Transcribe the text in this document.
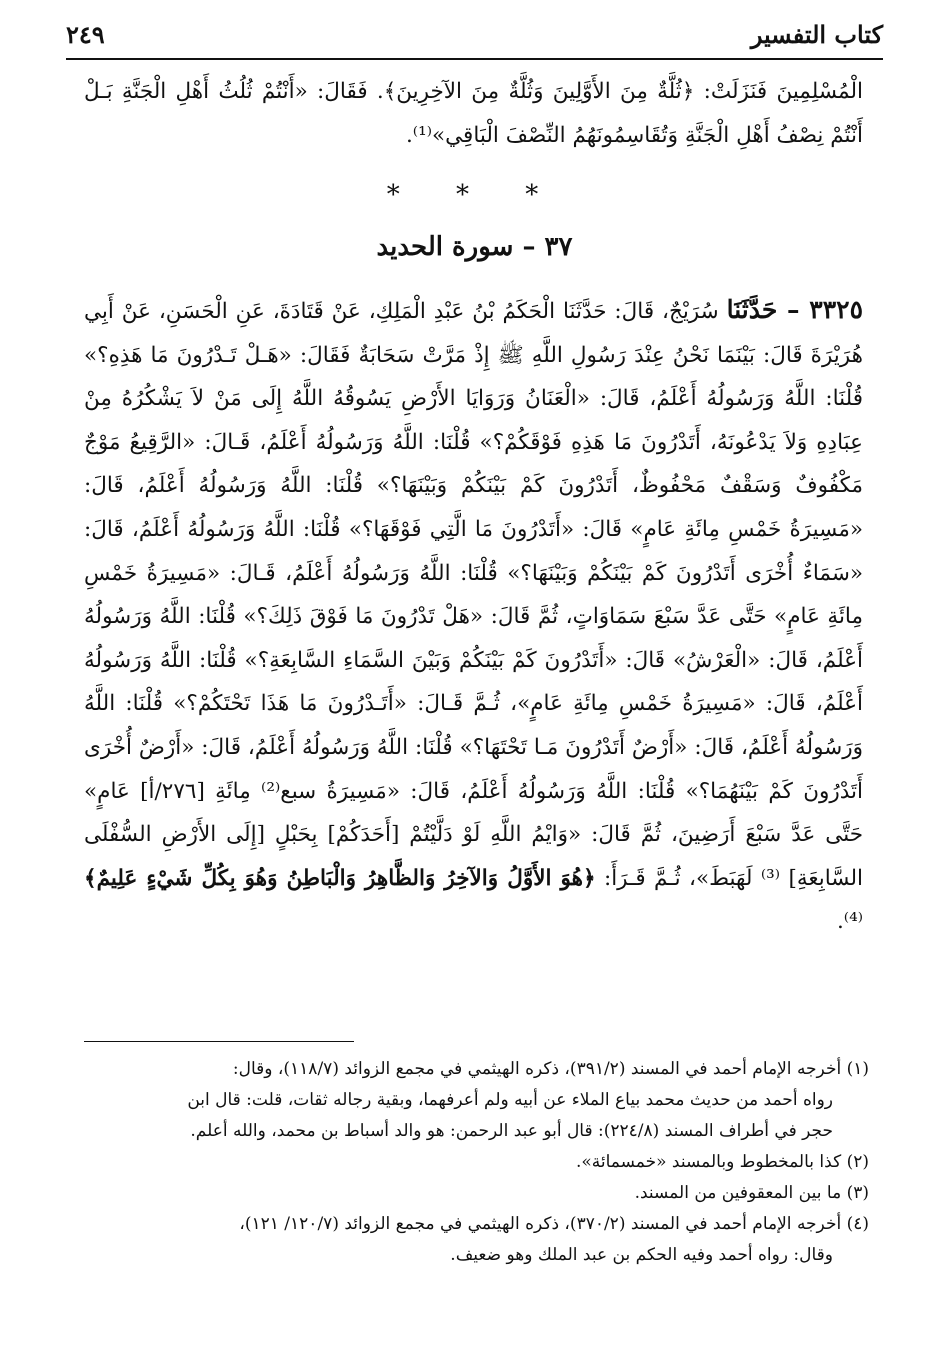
كتاب التفسير
٢٤٩

الْمُسْلِمِينَ فَنَزَلَتْ: ﴿ثُلَّةٌ مِنَ الأَوَّلِينَ وَثُلَّةٌ مِنَ الآخِرِينَ﴾. فَقَالَ: «أَنْتُمْ ثُلُثُ أَهْلِ الْجَنَّةِ بَـلْ أَنْتُمْ نِصْفُ أَهْلِ الْجَنَّةِ وَتُقَاسِمُونَهُمُ النِّصْفَ الْبَاقِي»⁽¹⁾.

* * *
٣٧ – سورة الحديد

٣٣٢٥ – حَدَّثَنَا سُرَيْجٌ، قَالَ: حَدَّثَنَا الْحَكَمُ بْنُ عَبْدِ الْمَلِكِ، عَنْ قَتَادَةَ، عَنِ الْحَسَنِ، عَنْ أَبِي هُرَيْرَةَ قَالَ: بَيْنَمَا نَحْنُ عِنْدَ رَسُولِ اللَّهِ ﷺ إِذْ مَرَّتْ سَحَابَةٌ فَقَالَ: «هَـلْ تَـدْرُونَ مَا هَذِهِ؟» قُلْنَا: اللَّهُ وَرَسُولُهُ أَعْلَمُ، قَالَ: «الْعَنَانُ وَرَوَايَا الأَرْضِ يَسُوقُهُ اللَّهُ إِلَى مَنْ لاَ يَشْكُرُهُ مِنْ عِبَادِهِ وَلاَ يَدْعُونَهُ، أَتَدْرُونَ مَا هَذِهِ فَوْقَكُمْ؟» قُلْنَا: اللَّهُ وَرَسُولُهُ أَعْلَمُ، قَـالَ: «الرَّقِيعُ مَوْجٌ مَكْفُوفٌ وَسَقْفٌ مَحْفُوظٌ، أَتَدْرُونَ كَمْ بَيْنَكُمْ وَبَيْنَهَا؟» قُلْنَا: اللَّهُ وَرَسُولُهُ أَعْلَمُ، قَالَ: «مَسِيرَةُ خَمْسِ مِائَةِ عَامٍ» قَالَ: «أَتَدْرُونَ مَا الَّتِي فَوْقَهَا؟» قُلْنَا: اللَّهُ وَرَسُولُهُ أَعْلَمُ، قَالَ: «سَمَاءٌ أُخْرَى أَتَدْرُونَ كَمْ بَيْنَكُمْ وَبَيْنَهَا؟» قُلْنَا: اللَّهُ وَرَسُولُهُ أَعْلَمُ، قَـالَ: «مَسِيرَةُ خَمْسِ مِائَةِ عَامٍ» حَتَّى عَدَّ سَبْعَ سَمَاوَاتٍ، ثُمَّ قَالَ: «هَلْ تَدْرُونَ مَا فَوْقَ ذَلِكَ؟» قُلْنَا: اللَّهُ وَرَسُولُهُ أَعْلَمُ، قَالَ: «الْعَرْشُ» قَالَ: «أَتَدْرُونَ كَمْ بَيْنَكُمْ وَبَيْنَ السَّمَاءِ السَّابِعَةِ؟» قُلْنَا: اللَّهُ وَرَسُولُهُ أَعْلَمُ، قَالَ: «مَسِيرَةُ خَمْسِ مِائَةِ عَامٍ»، ثُـمَّ قَـالَ: «أَتَـدْرُونَ مَا هَذَا تَحْتَكُمْ؟» قُلْنَا: اللَّهُ وَرَسُولُهُ أَعْلَمُ، قَالَ: «أَرْضٌ أَتَدْرُونَ مَـا تَحْتَهَا؟» قُلْنَا: اللَّهُ وَرَسُولُهُ أَعْلَمُ، قَالَ: «أَرْضٌ أُخْرَى أَتَدْرُونَ كَمْ بَيْنَهُمَا؟» قُلْنَا: اللَّهُ وَرَسُولُهُ أَعْلَمُ، قَالَ: «مَسِيرَةُ سبع⁽²⁾ مِائَةِ [٢٧٦/أ] عَامٍ» حَتَّى عَدَّ سَبْعَ أَرَضِينَ، ثُمَّ قَالَ: «وَايْمُ اللَّهِ لَوْ دَلَّيْتُمْ [أَحَدَكُمْ] بِحَبْلٍ [إِلَى الأَرْضِ السُّفْلَى السَّابِعَةِ] ⁽³⁾ لَهَبَطَ»، ثُـمَّ قَـرَأَ: ﴿هُوَ الأَوَّلُ وَالآخِرُ وَالظَّاهِرُ وَالْبَاطِنُ وَهُوَ بِكُلِّ شَيْءٍ عَلِيمٌ﴾⁽⁴⁾.

(١) أخرجه الإمام أحمد في المسند (٣٩١/٢)، ذكره الهيثمي في مجمع الزوائد (١١٨/٧)، وقال:
رواه أحمد من حديث محمد بياع الملاء عن أبيه ولم أعرفهما، وبقية رجاله ثقات، قلت: قال ابن
حجر في أطراف المسند (٢٢٤/٨): قال أبو عبد الرحمن: هو والد أسباط بن محمد، والله أعلم.

(٢) كذا بالمخطوط وبالمسند «خمسمائة».

(٣) ما بين المعقوفين من المسند.

(٤) أخرجه الإمام أحمد في المسند (٣٧٠/٢)، ذكره الهيثمي في مجمع الزوائد (١٢٠/٧/ ١٢١)،
وقال: رواه أحمد وفيه الحكم بن عبد الملك وهو ضعيف.
